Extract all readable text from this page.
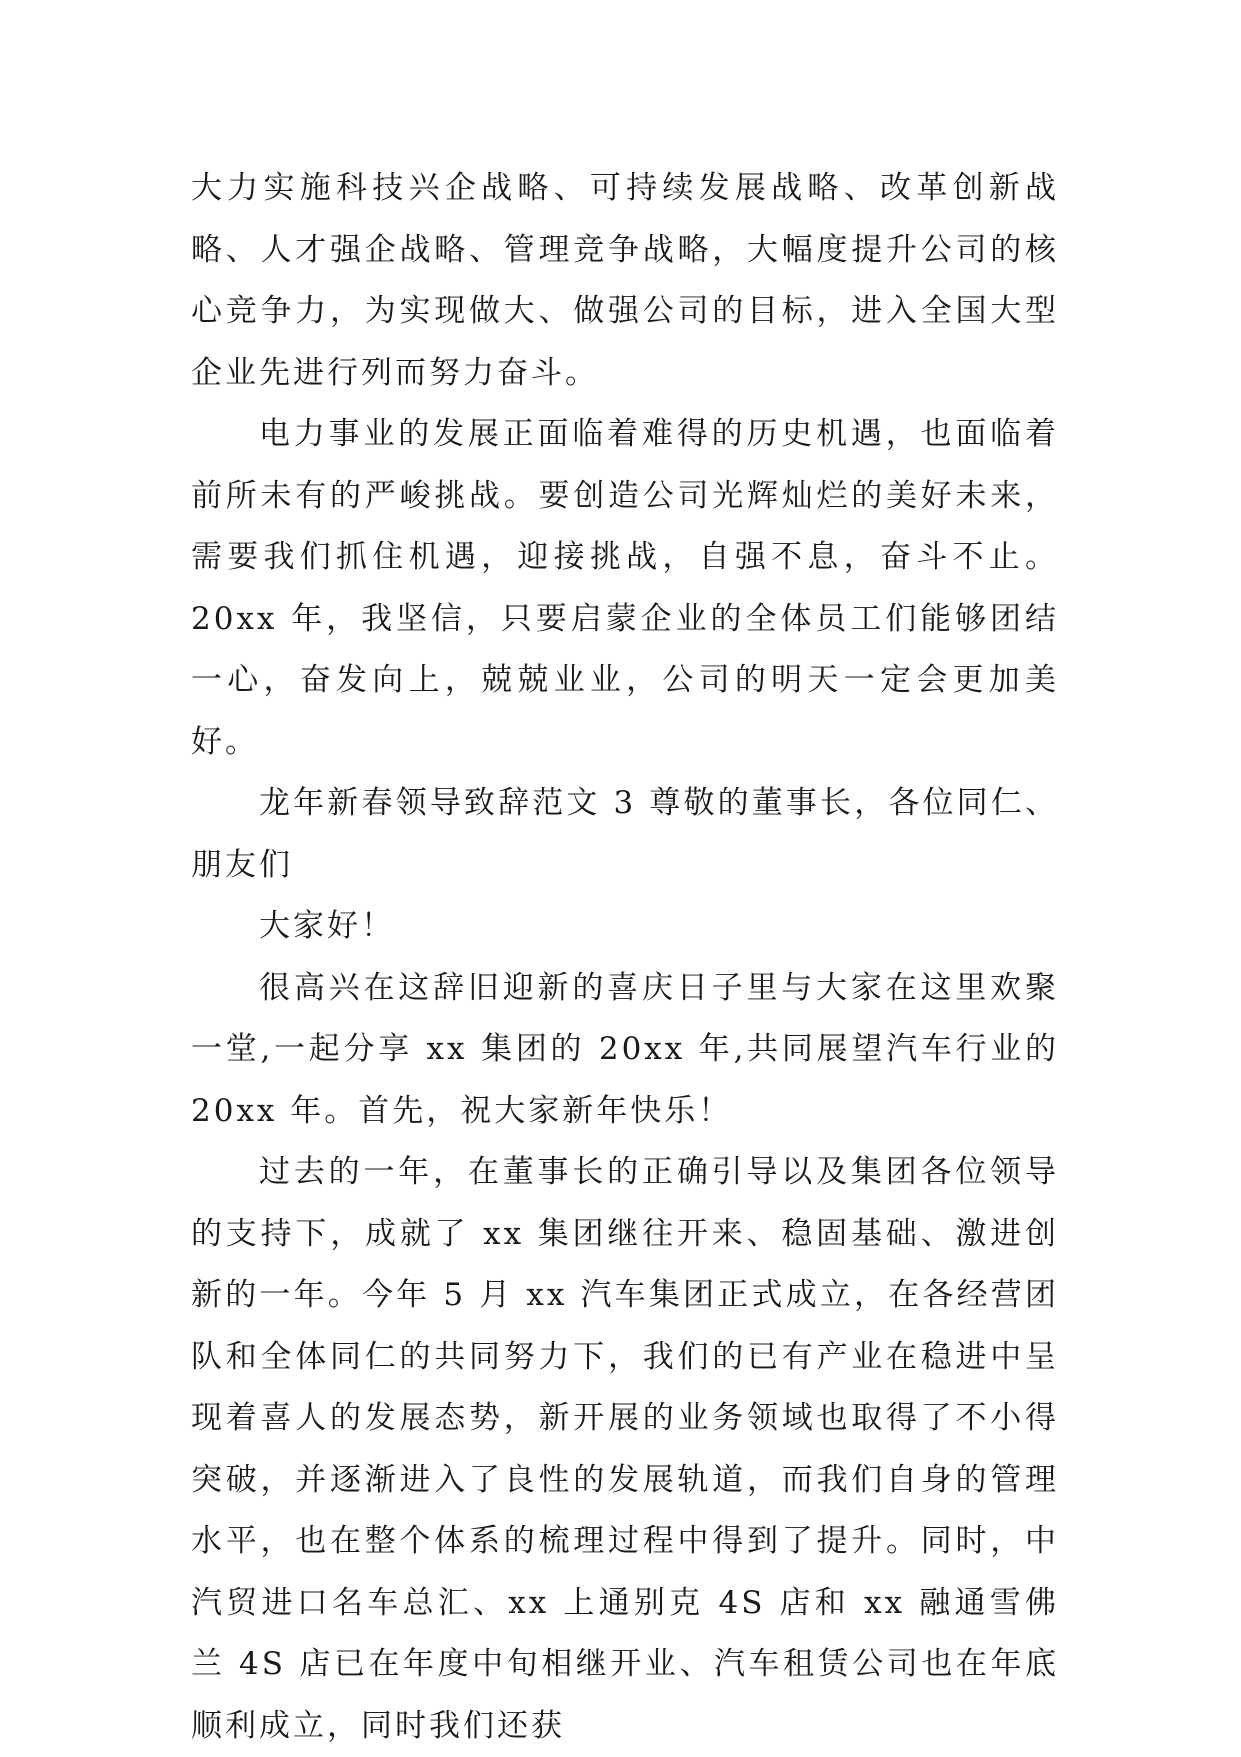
大力实施科技兴企战略、可持续发展战略、改革创新战略、人才强企战略、管理竞争战略，大幅度提升公司的核心竞争力，为实现做大、做强公司的目标，进入全国大型企业先进行列而努力奋斗。

电力事业的发展正面临着难得的历史机遇，也面临着前所未有的严峻挑战。要创造公司光辉灿烂的美好未来，需要我们抓住机遇，迎接挑战，自强不息，奋斗不止。20xx 年，我坚信，只要启蒙企业的全体员工们能够团结一心，奋发向上，兢兢业业，公司的明天一定会更加美好。

龙年新春领导致辞范文 3 尊敬的董事长，各位同仁、朋友们

大家好！

很高兴在这辞旧迎新的喜庆日子里与大家在这里欢聚一堂,一起分享 xx 集团的 20xx 年,共同展望汽车行业的 20xx 年。首先，祝大家新年快乐！

过去的一年，在董事长的正确引导以及集团各位领导的支持下，成就了 xx 集团继往开来、稳固基础、激进创新的一年。今年 5 月 xx 汽车集团正式成立，在各经营团队和全体同仁的共同努力下，我们的已有产业在稳进中呈现着喜人的发展态势，新开展的业务领域也取得了不小得突破，并逐渐进入了良性的发展轨道，而我们自身的管理水平，也在整个体系的梳理过程中得到了提升。同时，中汽贸进口名车总汇、xx 上通别克 4S 店和 xx 融通雪佛兰 4S 店已在年度中旬相继开业、汽车租赁公司也在年底顺利成立，同时我们还获
